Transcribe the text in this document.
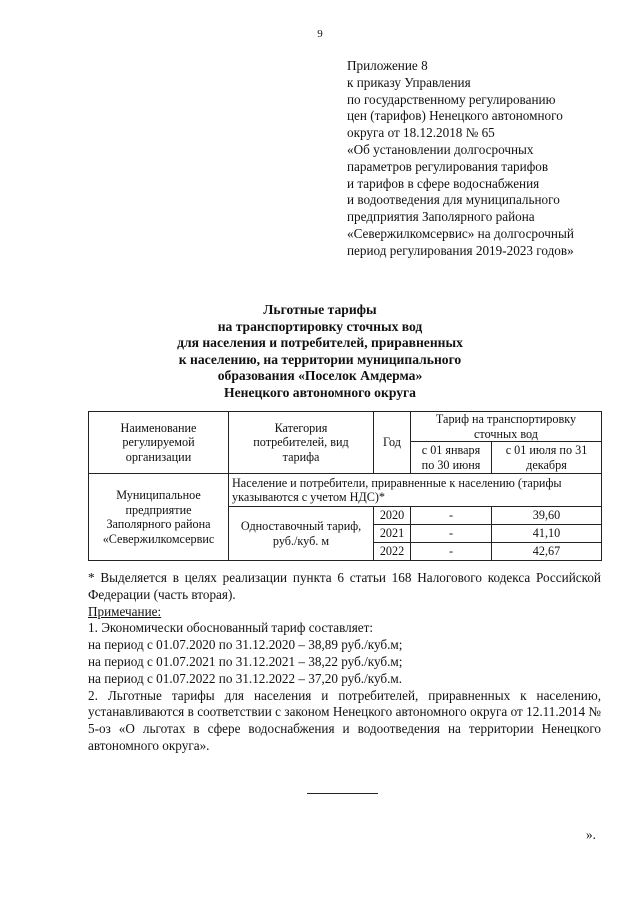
9
Приложение 8
к приказу Управления
по государственному регулированию
цен (тарифов) Ненецкого автономного
округа от 18.12.2018 № 65
«Об установлении долгосрочных
параметров регулирования тарифов
и тарифов в сфере водоснабжения
и водоотведения для муниципального
предприятия Заполярного района
«Севержилкомсервис» на долгосрочный
период регулирования 2019-2023 годов»
Льготные тарифы
на транспортировку сточных вод
для населения и потребителей, приравненных
к населению, на территории муниципального
образования «Поселок Амдерма»
Ненецкого автономного округа
Наименование регулируемой организации	Категория потребителей, вид тарифа	Год	Тариф на транспортировку сточных вод	
			с 01 января по 30 июня	с 01 июля по 31 декабря
Муниципальное предприятие Заполярного района «Севержилкомсервис	Население и потребители, приравненные к населению (тарифы указываются с учетом НДС)*			
	Одноставочный тариф, руб./куб. м	2020	-	39,60
		2021	-	41,10
		2022	-	42,67
* Выделяется в целях реализации пункта 6 статьи 168 Налогового кодекса Российской Федерации (часть вторая).
Примечание:
1. Экономически обоснованный тариф составляет:
на период с 01.07.2020 по 31.12.2020 – 38,89 руб./куб.м;
на период с 01.07.2021 по 31.12.2021 – 38,22 руб./куб.м;
на период с 01.07.2022 по 31.12.2022 – 37,20 руб./куб.м.
2. Льготные тарифы для населения и потребителей, приравненных к населению, устанавливаются в соответствии с законом Ненецкого автономного округа от 12.11.2014 № 5-оз «О льготах в сфере водоснабжения и водоотведения на территории Ненецкого автономного округа».
».
